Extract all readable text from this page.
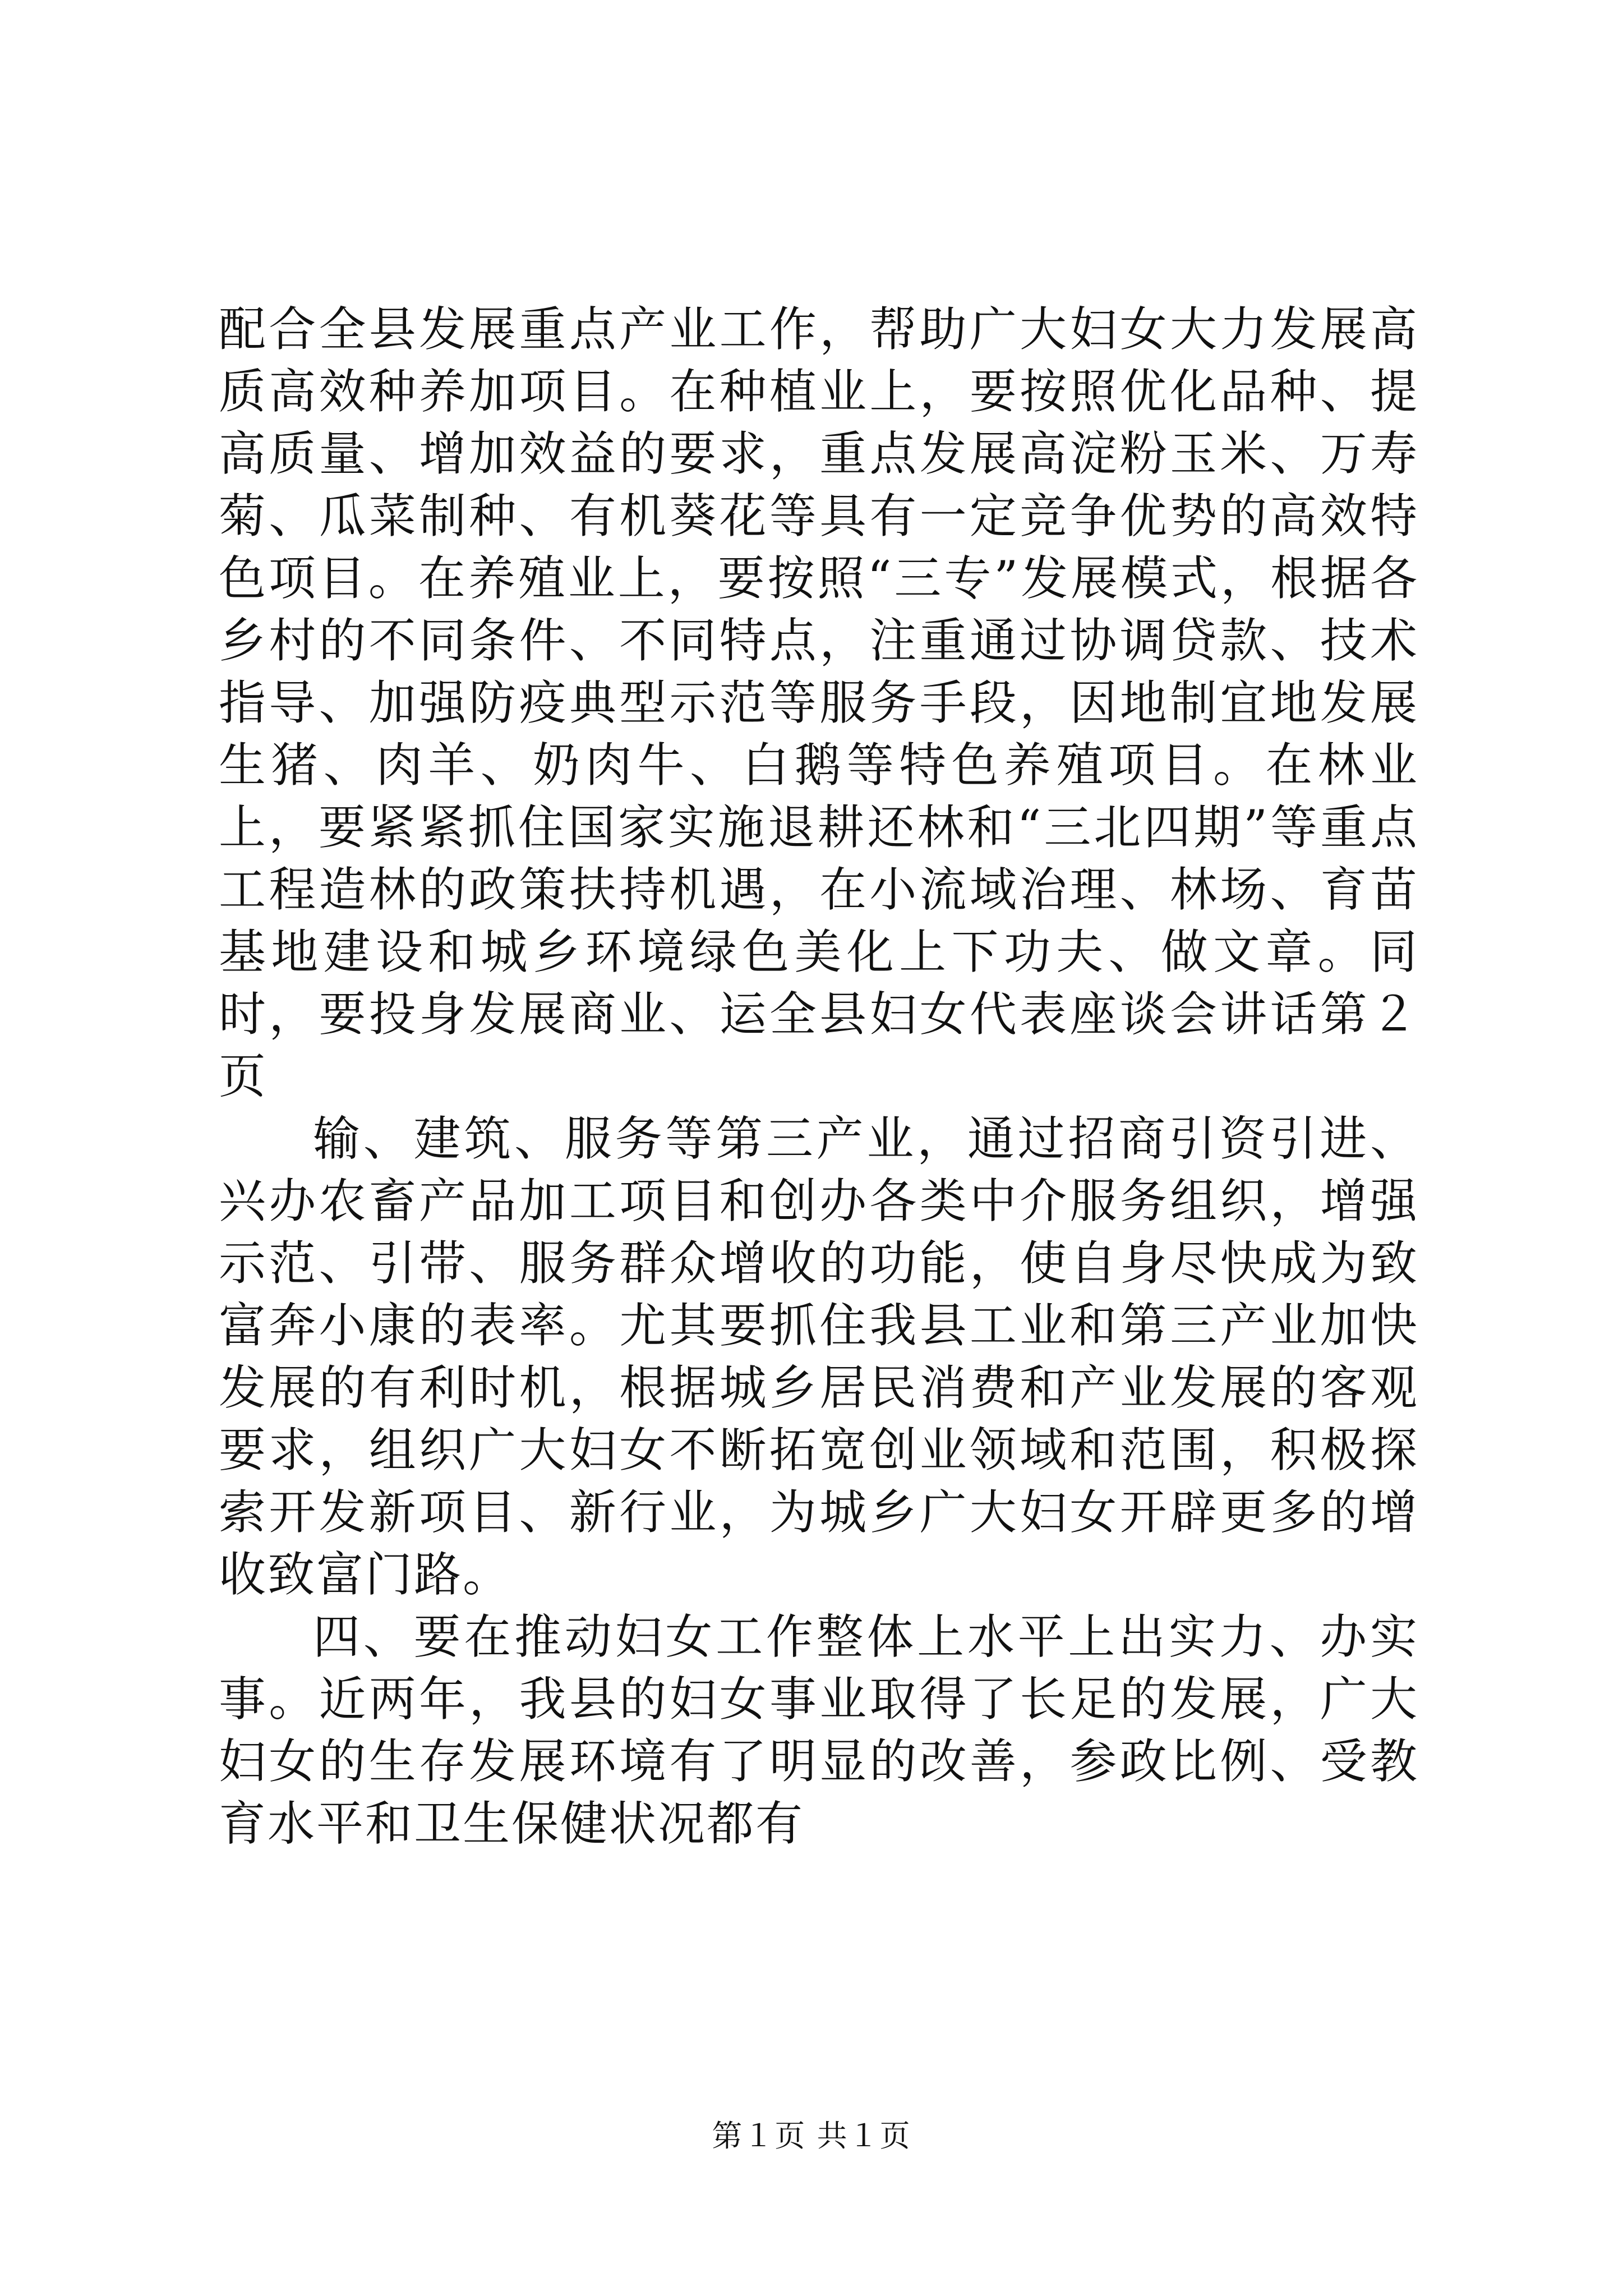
配合全县发展重点产业工作，帮助广大妇女大力发展高质高效种养加项目。在种植业上，要按照优化品种、提高质量、增加效益的要求，重点发展高淀粉玉米、万寿菊、瓜菜制种、有机葵花等具有一定竞争优势的高效特色项目。在养殖业上，要按照“三专”发展模式，根据各乡村的不同条件、不同特点，注重通过协调贷款、技术指导、加强防疫典型示范等服务手段，因地制宜地发展生猪、肉羊、奶肉牛、白鹅等特色养殖项目。在林业上，要紧紧抓住国家实施退耕还林和“三北四期”等重点工程造林的政策扶持机遇，在小流域治理、林场、育苗基地建设和城乡环境绿色美化上下功夫、做文章。同时，要投身发展商业、运全县妇女代表座谈会讲话第２页

输、建筑、服务等第三产业，通过招商引资引进、兴办农畜产品加工项目和创办各类中介服务组织，增强示范、引带、服务群众增收的功能，使自身尽快成为致富奔小康的表率。尤其要抓住我县工业和第三产业加快发展的有利时机，根据城乡居民消费和产业发展的客观要求，组织广大妇女不断拓宽创业领域和范围，积极探索开发新项目、新行业，为城乡广大妇女开辟更多的增收致富门路。

四、要在推动妇女工作整体上水平上出实力、办实事。近两年，我县的妇女事业取得了长足的发展，广大妇女的生存发展环境有了明显的改善，参政比例、受教育水平和卫生保健状况都有

第１页 共１页
